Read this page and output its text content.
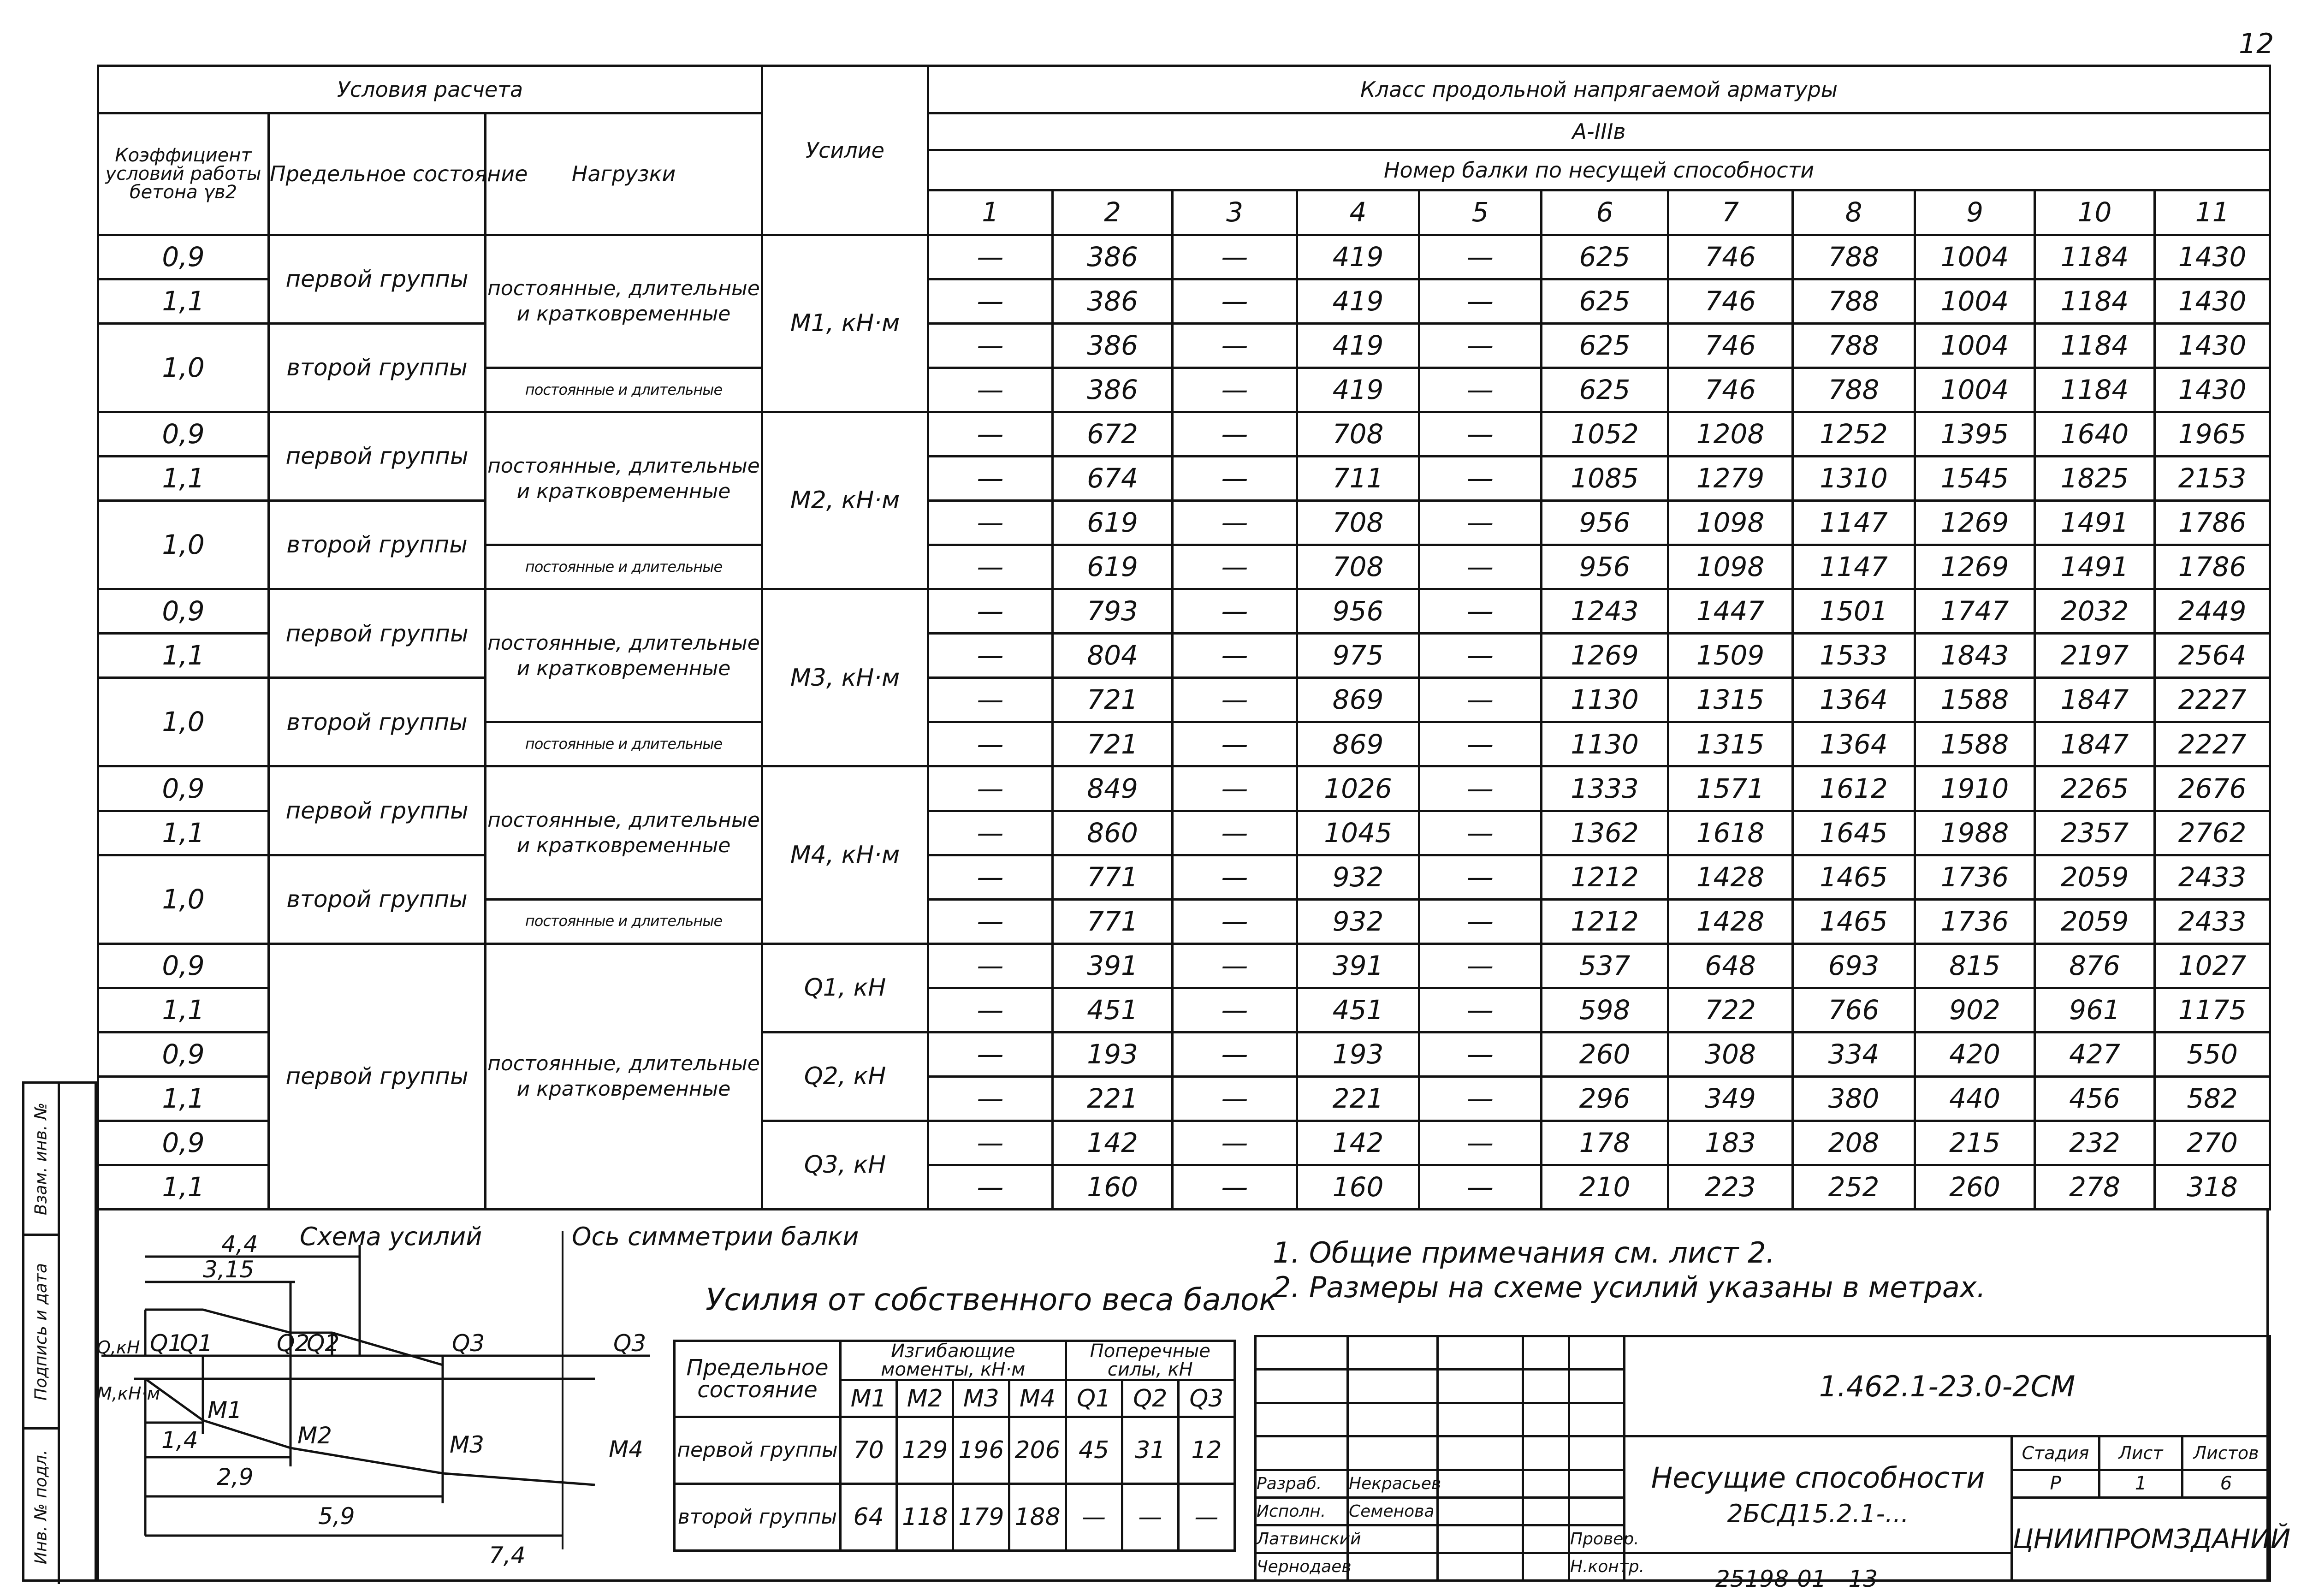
12
Условия расчета			Усилие	Класс продольной напрягаемой арматуры										
Коэффициент условий работы бетона γв2	Предельное состояние	Нагрузки		А-IIIв										
				Номер балки по несущей способности										
				1	2	3	4	5	6	7	8	9	10	11
0,9	первой группы	постоянные, длительные и кратковременные	M1, кН·м	—	386	—	419	—	625	746	788	1004	1184	1430
1,1				—	386	—	419	—	625	746	788	1004	1184	1430
1,0	второй группы			—	386	—	419	—	625	746	788	1004	1184	1430
		постоянные и длительные		—	386	—	419	—	625	746	788	1004	1184	1430
0,9	первой группы	постоянные, длительные и кратковременные	M2, кН·м	—	672	—	708	—	1052	1208	1252	1395	1640	1965
1,1				—	674	—	711	—	1085	1279	1310	1545	1825	2153
1,0	второй группы			—	619	—	708	—	956	1098	1147	1269	1491	1786
		постоянные и длительные		—	619	—	708	—	956	1098	1147	1269	1491	1786
0,9	первой группы	постоянные, длительные и кратковременные	M3, кН·м	—	793	—	956	—	1243	1447	1501	1747	2032	2449
1,1				—	804	—	975	—	1269	1509	1533	1843	2197	2564
1,0	второй группы			—	721	—	869	—	1130	1315	1364	1588	1847	2227
		постоянные и длительные		—	721	—	869	—	1130	1315	1364	1588	1847	2227
0,9	первой группы	постоянные, длительные и кратковременные	M4, кН·м	—	849	—	1026	—	1333	1571	1612	1910	2265	2676
1,1				—	860	—	1045	—	1362	1618	1645	1988	2357	2762
1,0	второй группы			—	771	—	932	—	1212	1428	1465	1736	2059	2433
		постоянные и длительные		—	771	—	932	—	1212	1428	1465	1736	2059	2433
0,9	первой группы	постоянные, длительные и кратковременные	Q1, кН	—	391	—	391	—	537	648	693	815	876	1027
1,1				—	451	—	451	—	598	722	766	902	961	1175
0,9			Q2, кН	—	193	—	193	—	260	308	334	420	427	550
1,1				—	221	—	221	—	296	349	380	440	456	582
0,9			Q3, кН	—	142	—	142	—	178	183	208	215	232	270
1,1				—	160	—	160	—	210	223	252	260	278	318
Взам. инв. №
Подпись и дата
Инв. № подл.
Схема усилий	Ось симметрии балки
4,4
3,15
1,4
2,9
5,9
7,4
Q,кН
M,кН·м
Q1
Q1	Q2
Q2	Q3	Q3
M1
M2	M3	M4
Усилия от собственного веса балок
Предельное состояние	Изгибающие моменты, кН·м				Поперечные силы, кН		
	M1	M2	M3	M4	Q1	Q2	Q3
первой группы	70	129	196	206	45	31	12
второй группы	64	118	179	188	—	—	—
1. Общие примечания см. лист 2.
2. Размеры на схеме усилий указаны в метрах.
					1.462.1-23.0-2СМ			

					Несущие способности
2БСД15.2.1-...	Стадия	Лист	Листов
Разраб.	Некрасьев					Р	1	6
Исполн.	Семенова					ЦНИИПРОМЗДАНИЙ		
Латвинский				Провер.				
Чернодаев				Н.контр.					25198-01   13
